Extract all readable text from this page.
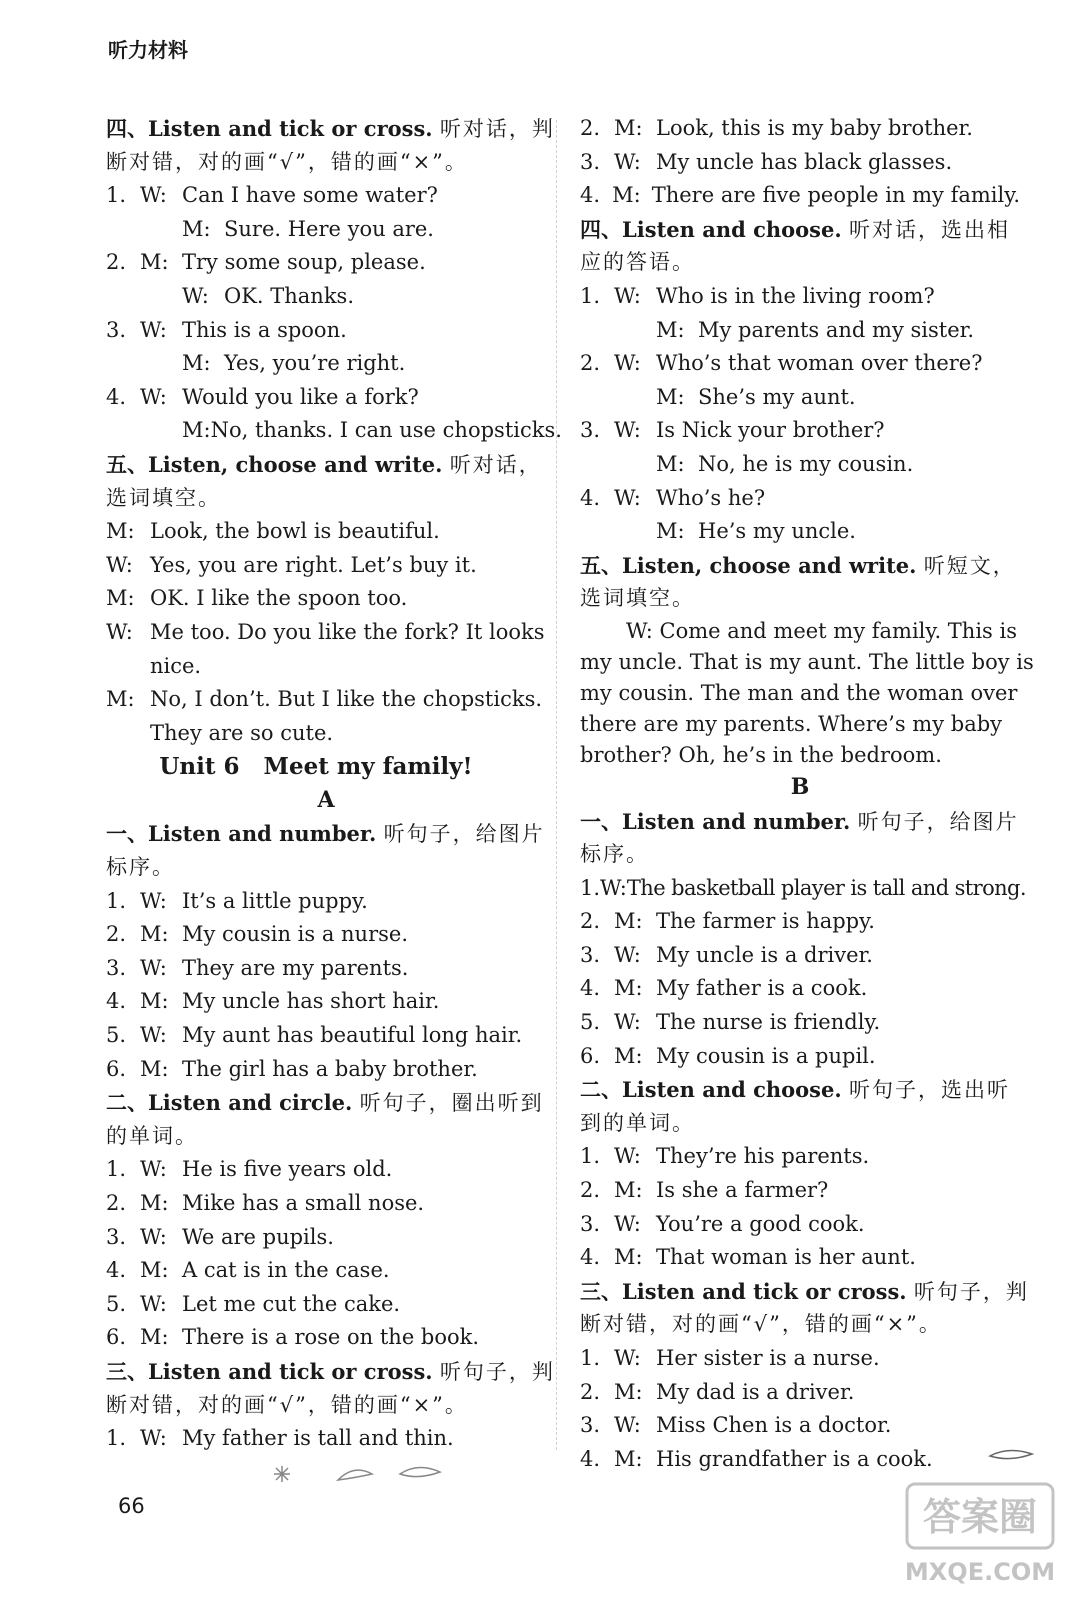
听力材料
四、Listen and tick or cross. 听对话，判
断对错，对的画“√”，错的画“×”。
1. W: Can I have some water?
M: Sure. Here you are.
2. M: Try some soup, please.
W: OK. Thanks.
3. W: This is a spoon.
M: Yes, you’re right.
4. W: Would you like a fork?
M: No, thanks. I can use chopsticks.
五、Listen, choose and write. 听对话，
选词填空。
M: Look, the bowl is beautiful.
W: Yes, you are right. Let’s buy it.
M: OK. I like the spoon too.
W: Me too. Do you like the fork? It looks
nice.
M: No, I don’t. But I like the chopsticks.
They are so cute.
Unit 6 Meet my family!
A
一、Listen and number. 听句子，给图片
标序。
1. W: It’s a little puppy.
2. M: My cousin is a nurse.
3. W: They are my parents.
4. M: My uncle has short hair.
5. W: My aunt has beautiful long hair.
6. M: The girl has a baby brother.
二、Listen and circle. 听句子，圈出听到
的单词。
1. W: He is five years old.
2. M: Mike has a small nose.
3. W: We are pupils.
4. M: A cat is in the case.
5. W: Let me cut the cake.
6. M: There is a rose on the book.
三、Listen and tick or cross. 听句子，判
断对错，对的画“√”，错的画“×”。
1. W: My father is tall and thin.
2. M: Look, this is my baby brother.
3. W: My uncle has black glasses.
4. M: There are five people in my family.
四、Listen and choose. 听对话，选出相
应的答语。
1. W: Who is in the living room?
M: My parents and my sister.
2. W: Who’s that woman over there?
M: She’s my aunt.
3. W: Is Nick your brother?
M: No, he is my cousin.
4. W: Who’s he?
M: He’s my uncle.
五、Listen, choose and write. 听短文，
选词填空。
W: Come and meet my family. This is
my uncle. That is my aunt. The little boy is
my cousin. The man and the woman over
there are my parents. Where’s my baby
brother? Oh, he’s in the bedroom.
B
一、Listen and number. 听句子，给图片
标序。
1. W: The basketball player is tall and strong.
2. M: The farmer is happy.
3. W: My uncle is a driver.
4. M: My father is a cook.
5. W: The nurse is friendly.
6. M: My cousin is a pupil.
二、Listen and choose. 听句子，选出听
到的单词。
1. W: They’re his parents.
2. M: Is she a farmer?
3. W: You’re a good cook.
4. M: That woman is her aunt.
三、Listen and tick or cross. 听句子，判
断对错，对的画“√”，错的画“×”。
1. W: Her sister is a nurse.
2. M: My dad is a driver.
3. W: Miss Chen is a doctor.
4. M: His grandfather is a cook.
66	答案圈
MXQE.COM
